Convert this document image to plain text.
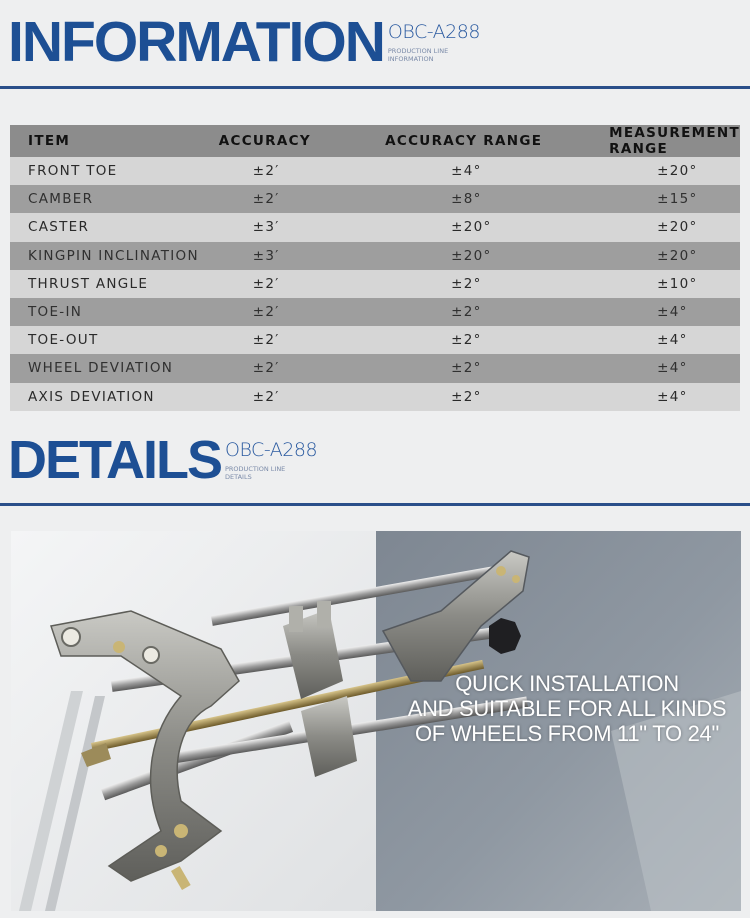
INFORMATION OBC-A288
PRODUCTION LINE
INFORMATION
ITEM	ACCURACY	ACCURACY RANGE	MEASUREMENT RANGE
FRONT TOE	±2′	±4°	±20°
CAMBER	±2′	±8°	±15°
CASTER	±3′	±20°	±20°
KINGPIN INCLINATION	±3′	±20°	±20°
THRUST ANGLE	±2′	±2°	±10°
TOE-IN	±2′	±2°	±4°
TOE-OUT	±2′	±2°	±4°
WHEEL DEVIATION	±2′	±2°	±4°
AXIS DEVIATION	±2′	±2°	±4°
DETAILS OBC-A288
PRODUCTION LINE
DETAILS
QUICK INSTALLATION
AND SUITABLE FOR ALL KINDS
OF WHEELS FROM 11" TO 24"
